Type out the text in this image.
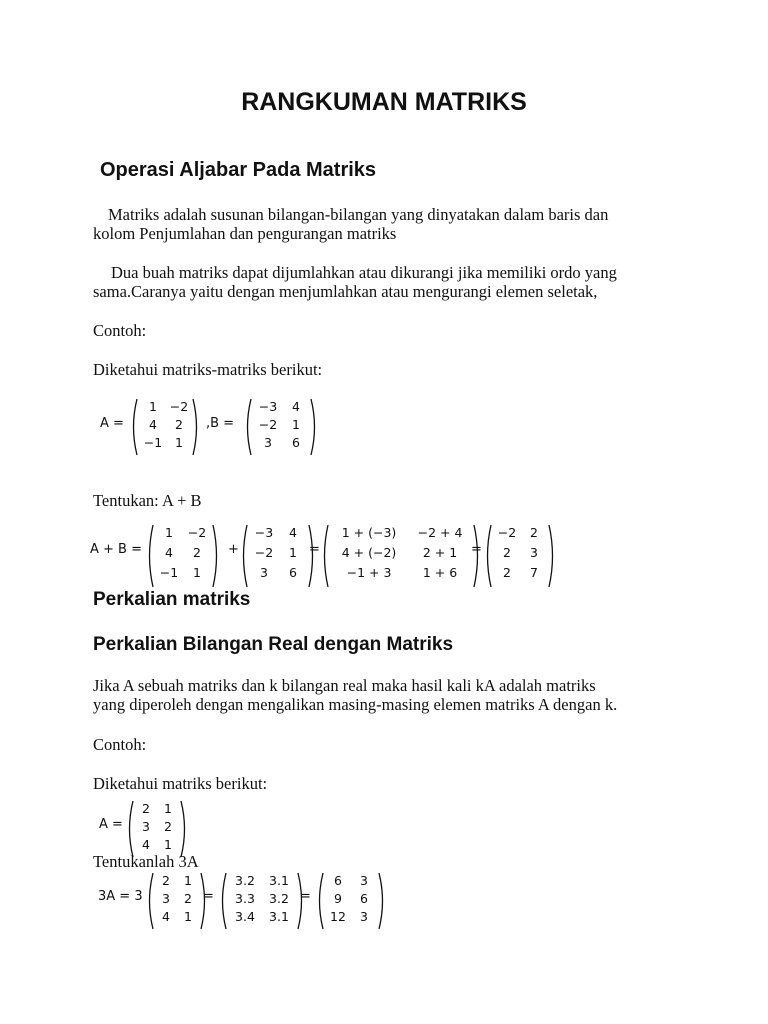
RANGKUMAN MATRIKS
Operasi Aljabar Pada Matriks
Matriks adalah susunan bilangan-bilangan yang dinyatakan dalam baris dan
kolom Penjumlahan dan pengurangan matriks
Dua buah matriks dapat dijumlahkan atau dikurangi jika memiliki ordo yang
sama.Caranya yaitu dengan menjumlahkan atau mengurangi elemen seletak,
Contoh:
Diketahui matriks-matriks berikut:
A =
1	−2
4	2
−1	1
,B =
−3	4
−2	1
3	6
Tentukan: A + B
A + B =
1	−2
4	2
−1	1
+
−3	4
−2	1
3	6
=
1 + (−3)	−2 + 4
4 + (−2)	2 + 1
−1 + 3	1 + 6
=
−2	2
2	3
2	7
Perkalian matriks
Perkalian Bilangan Real dengan Matriks
Jika A sebuah matriks dan k bilangan real maka hasil kali kA adalah matriks
yang diperoleh dengan mengalikan masing-masing elemen matriks A dengan k.
Contoh:
Diketahui matriks berikut:
A =
2	1
3	2
4	1
Tentukanlah 3A
3A = 3
2	1
3	2
4	1
=
3.2	3.1
3.3	3.2
3.4	3.1
=
6	3
9	6
12	3
